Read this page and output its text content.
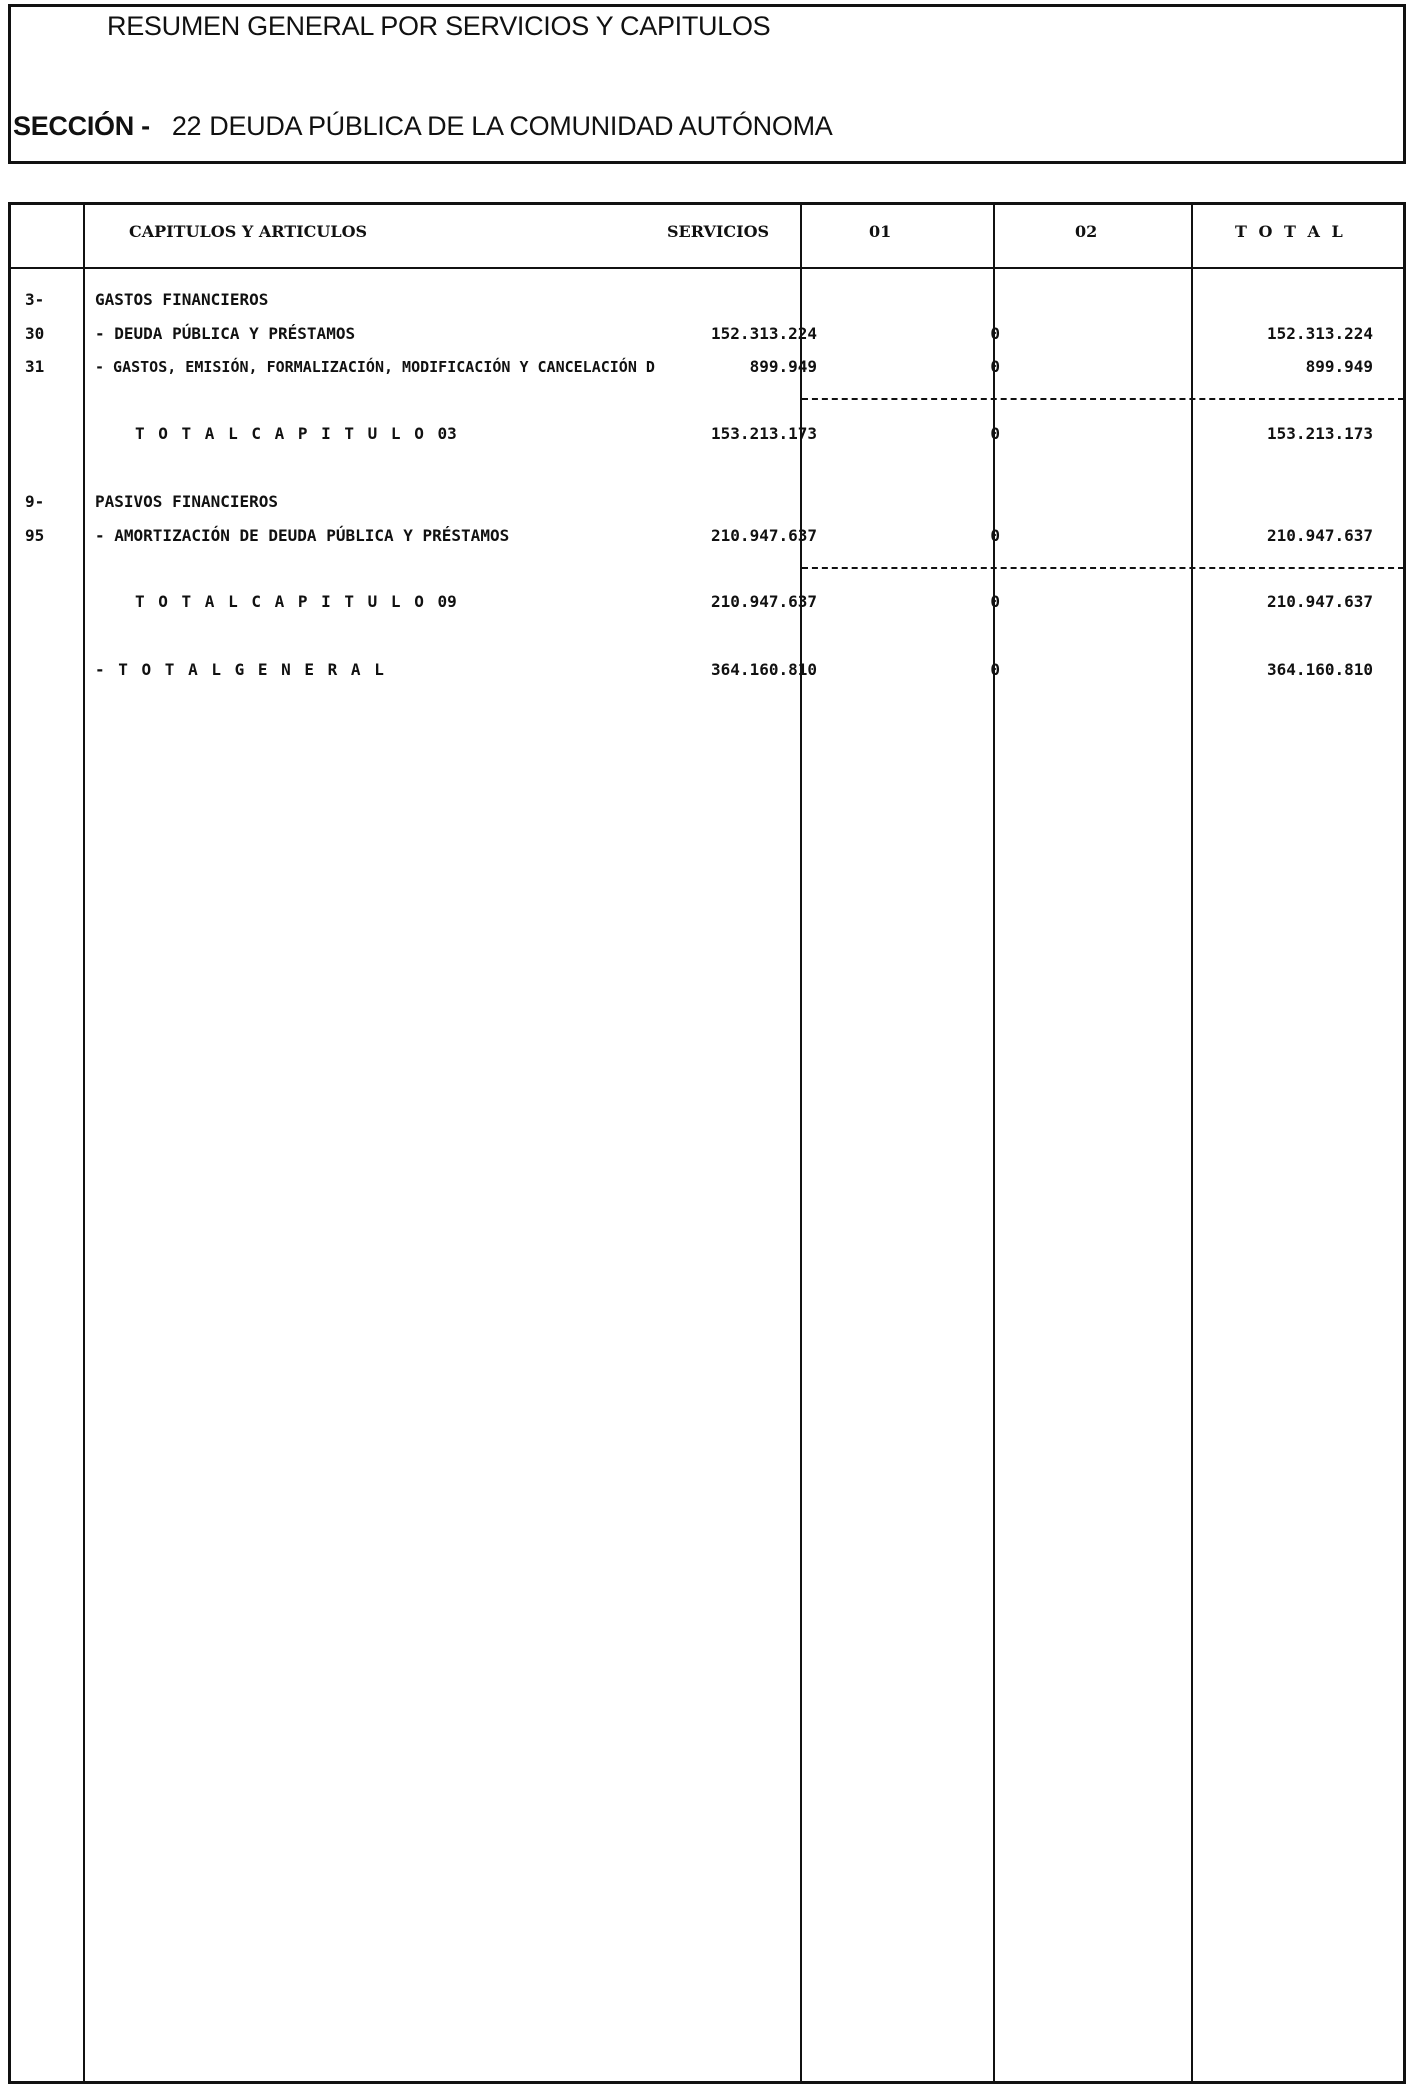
RESUMEN GENERAL POR SERVICIOS Y CAPITULOS
SECCIÓN - 22 DEUDA PÚBLICA DE LA COMUNIDAD AUTÓNOMA
CAPITULOS Y ARTICULOS	SERVICIOS	01	02	T O T A L
3-	GASTOS FINANCIEROS
30	- DEUDA PÚBLICA Y PRÉSTAMOS	152.313.224	0	152.313.224
31	- GASTOS, EMISIÓN, FORMALIZACIÓN, MODIFICACIÓN Y CANCELACIÓN D	899.949	0	899.949
T O T A L C A P I T U L O 03	153.213.173	0	153.213.173
9-	PASIVOS FINANCIEROS
95	- AMORTIZACIÓN DE DEUDA PÚBLICA Y PRÉSTAMOS	210.947.637	0	210.947.637
T O T A L C A P I T U L O 09	210.947.637	0	210.947.637
- T O T A L G E N E R A L	364.160.810	0	364.160.810
